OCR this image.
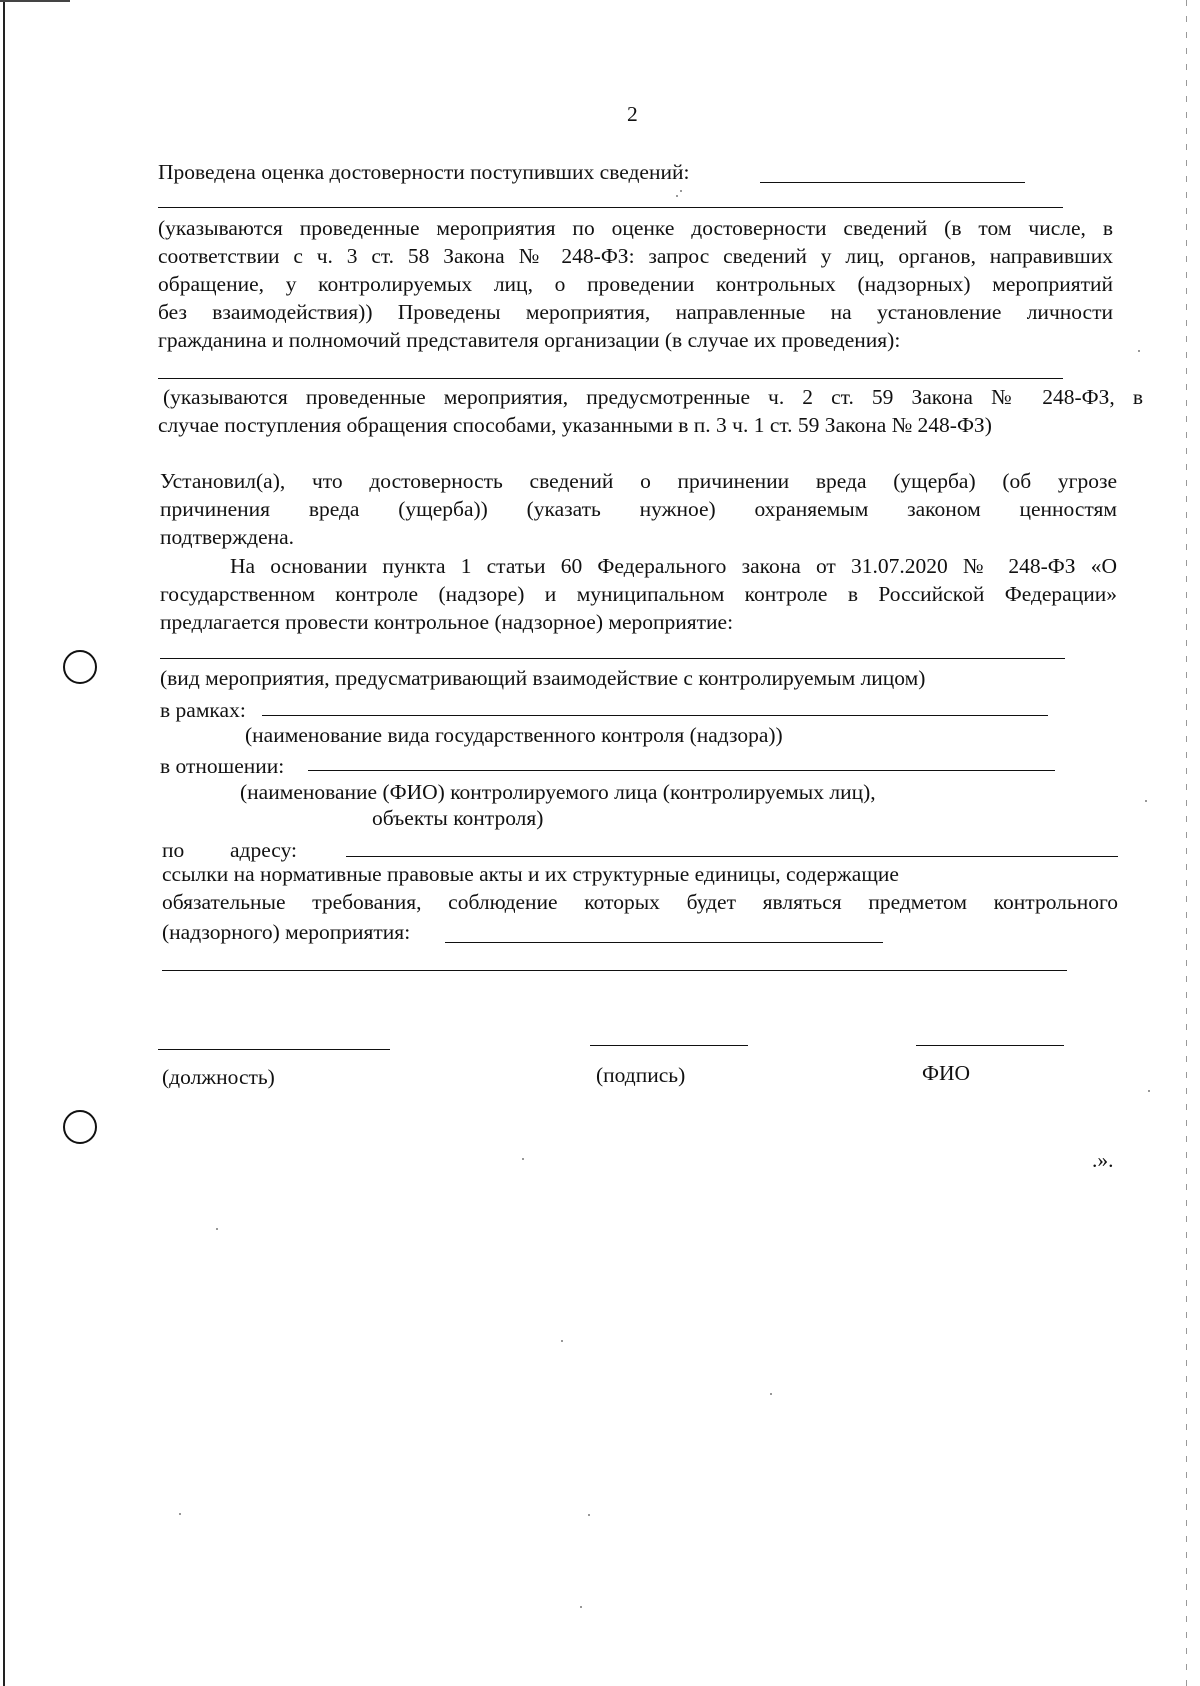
2
Проведена оценка достоверности поступивших сведений:
(указываются проведенные мероприятия по оценке достоверности сведений (в том числе, в
соответствии с ч. 3 ст. 58 Закона № 248-ФЗ: запрос сведений у лиц, органов, направивших
обращение, у контролируемых лиц, о проведении контрольных (надзорных) мероприятий
без взаимодействия)) Проведены мероприятия, направленные на установление личности
гражданина и полномочий представителя организации (в случае их проведения):
(указываются проведенные мероприятия, предусмотренные ч. 2 ст. 59 Закона № 248-ФЗ, в
случае поступления обращения способами, указанными в п. 3 ч. 1 ст. 59 Закона № 248-ФЗ)
Установил(а), что достоверность сведений о причинении вреда (ущерба) (об угрозе
причинения вреда (ущерба)) (указать нужное) охраняемым законом ценностям
подтверждена.
На основании пункта 1 статьи 60 Федерального закона от 31.07.2020 № 248-ФЗ «О
государственном контроле (надзоре) и муниципальном контроле в Российской Федерации»
предлагается провести контрольное (надзорное) мероприятие:
(вид мероприятия, предусматривающий взаимодействие с контролируемым лицом)
в рамках:
(наименование вида государственного контроля (надзора))
в отношении:
(наименование (ФИО) контролируемого лица (контролируемых лиц),
объекты контроля)
по адресу:
ссылки на нормативные правовые акты и их структурные единицы, содержащие
обязательные требования, соблюдение которых будет являться предметом контрольного
(надзорного) мероприятия:
(должность)	(подпись)	ФИО
.».
